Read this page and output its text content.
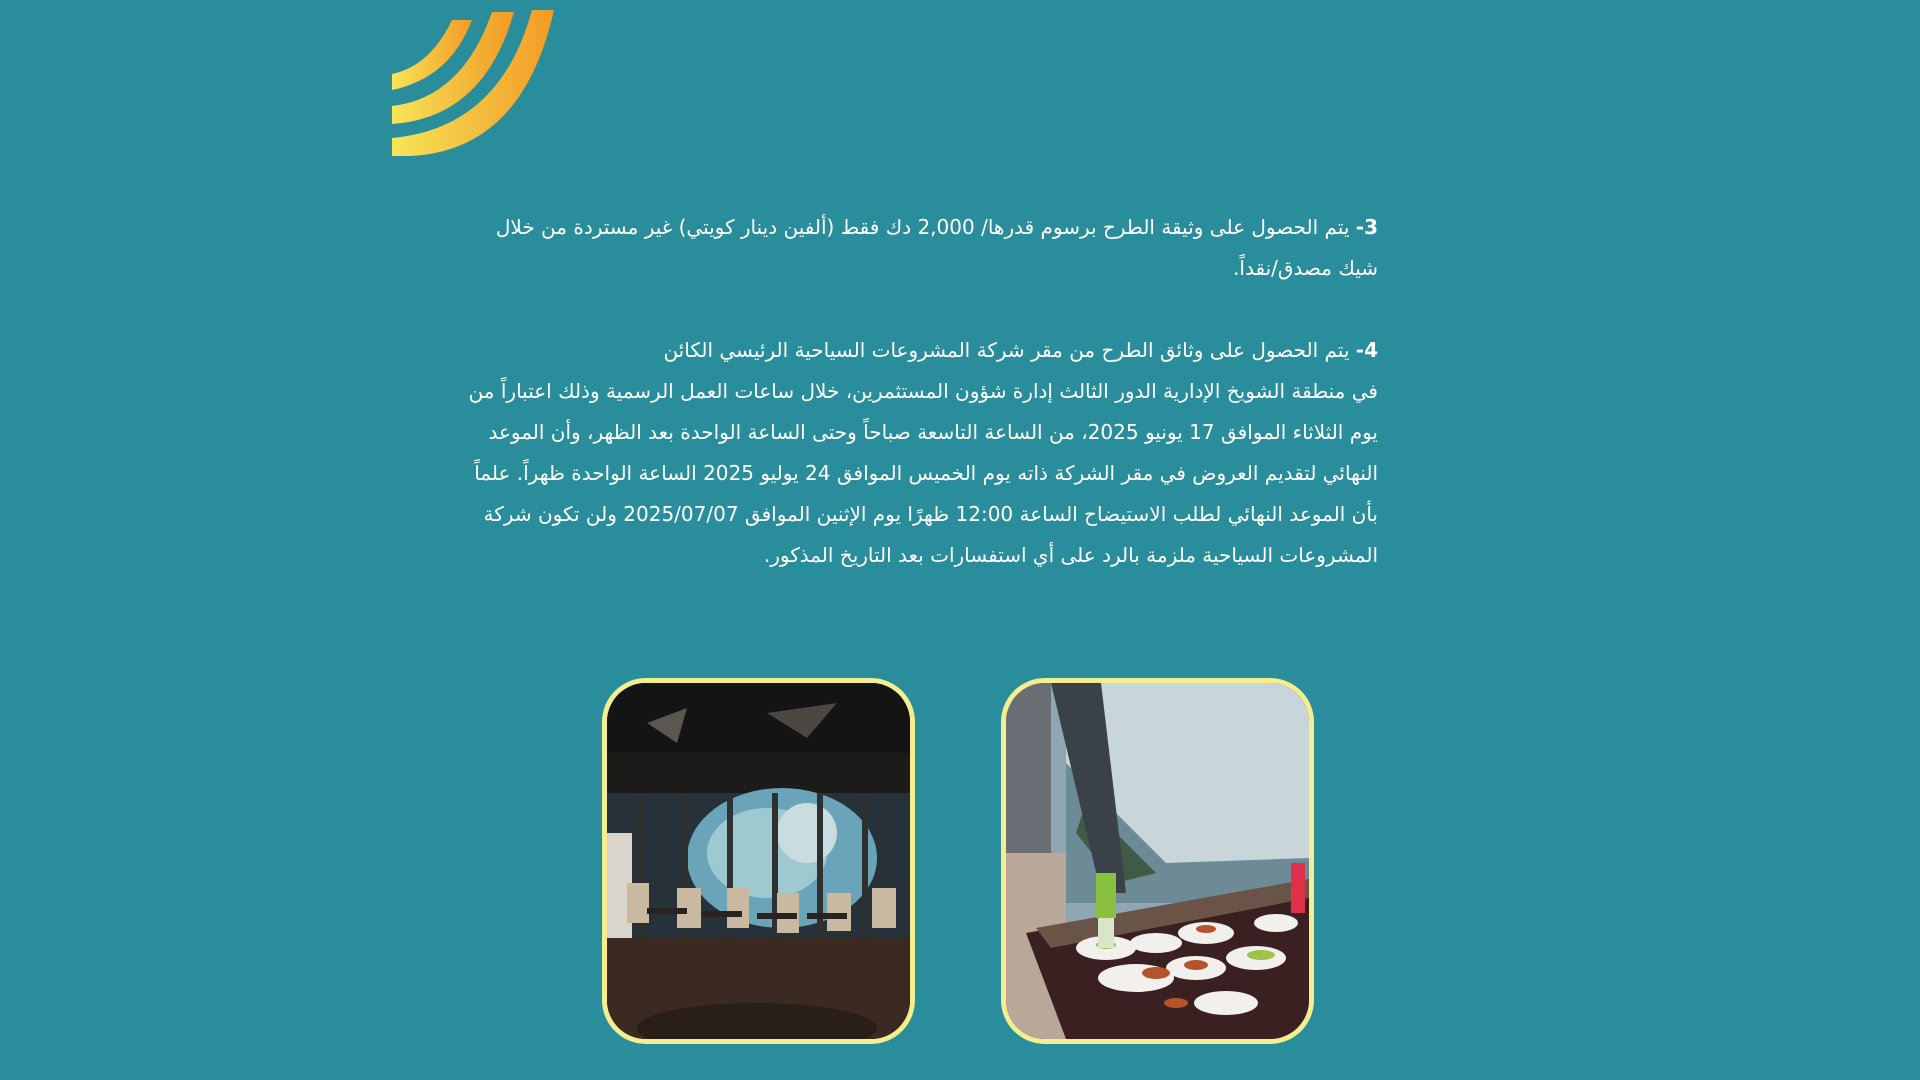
3- يتم الحصول على وثيقة الطرح برسوم قدرها/ 2,000 دك فقط (ألفين دينار كويتي) غير مستردة من خلال
شيك مصدق/نقداً.
4- يتم الحصول على وثائق الطرح من مقر شركة المشروعات السياحية الرئيسي الكائن
في منطقة الشويخ الإدارية الدور الثالث إدارة شؤون المستثمرين، خلال ساعات العمل الرسمية وذلك اعتباراً من
يوم الثلاثاء الموافق 17 يونيو 2025، من الساعة التاسعة صباحاً وحتى الساعة الواحدة بعد الظهر، وأن الموعد
النهائي لتقديم العروض في مقر الشركة ذاته يوم الخميس الموافق 24 يوليو 2025 الساعة الواحدة ظهراً. علماً
بأن الموعد النهائي لطلب الاستيضاح الساعة 12:00 ظهرًا يوم الإثنين الموافق 2025/07/07 ولن تكون شركة
المشروعات السياحية ملزمة بالرد على أي استفسارات بعد التاريخ المذكور.
